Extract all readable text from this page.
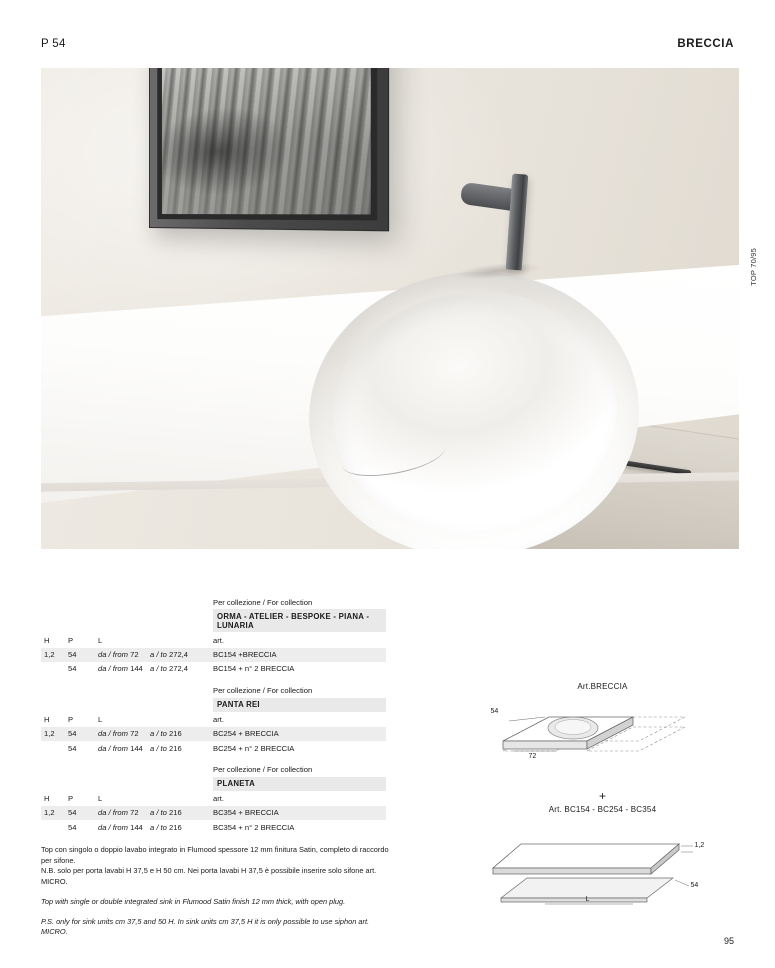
P 54	BRECCIA
TOP 70/95
Per collezione / For collection
ORMA - ATELIER - BESPOKE - PIANA - LUNARIA
H	P	L		art.
1,2	54	da / from 72	a / to 272,4	BC154 +BRECCIA
	54	da / from 144	a / to 272,4	BC154 + n° 2 BRECCIA
Per collezione / For collection
PANTA REI
H	P	L		art.
1,2	54	da / from 72	a / to 216	BC254 + BRECCIA
	54	da / from 144	a / to 216	BC254 + n° 2 BRECCIA
Per collezione / For collection
PLANETA
H	P	L		art.
1,2	54	da / from 72	a / to 216	BC354 + BRECCIA
	54	da / from 144	a / to 216	BC354 + n° 2 BRECCIA

Top con singolo o doppio lavabo integrato in Flumood spessore 12 mm finitura Satin, completo di raccordo per sifone.

N.B. solo per porta lavabi H 37,5 e H 50 cm. Nei porta lavabi H 37,5 è possibile inserire solo sifone art. MICRO.

Top with single or double integrated sink in Flumood Satin finish 12 mm thick, with open plug.

P.S. only for sink units cm 37,5 and 50 H. In sink units cm 37,5 H it is only possible to use siphon art. MICRO.

Art.BRECCIA
54
72
+
Art. BC154 - BC254 - BC354
1,2
54
L
95
